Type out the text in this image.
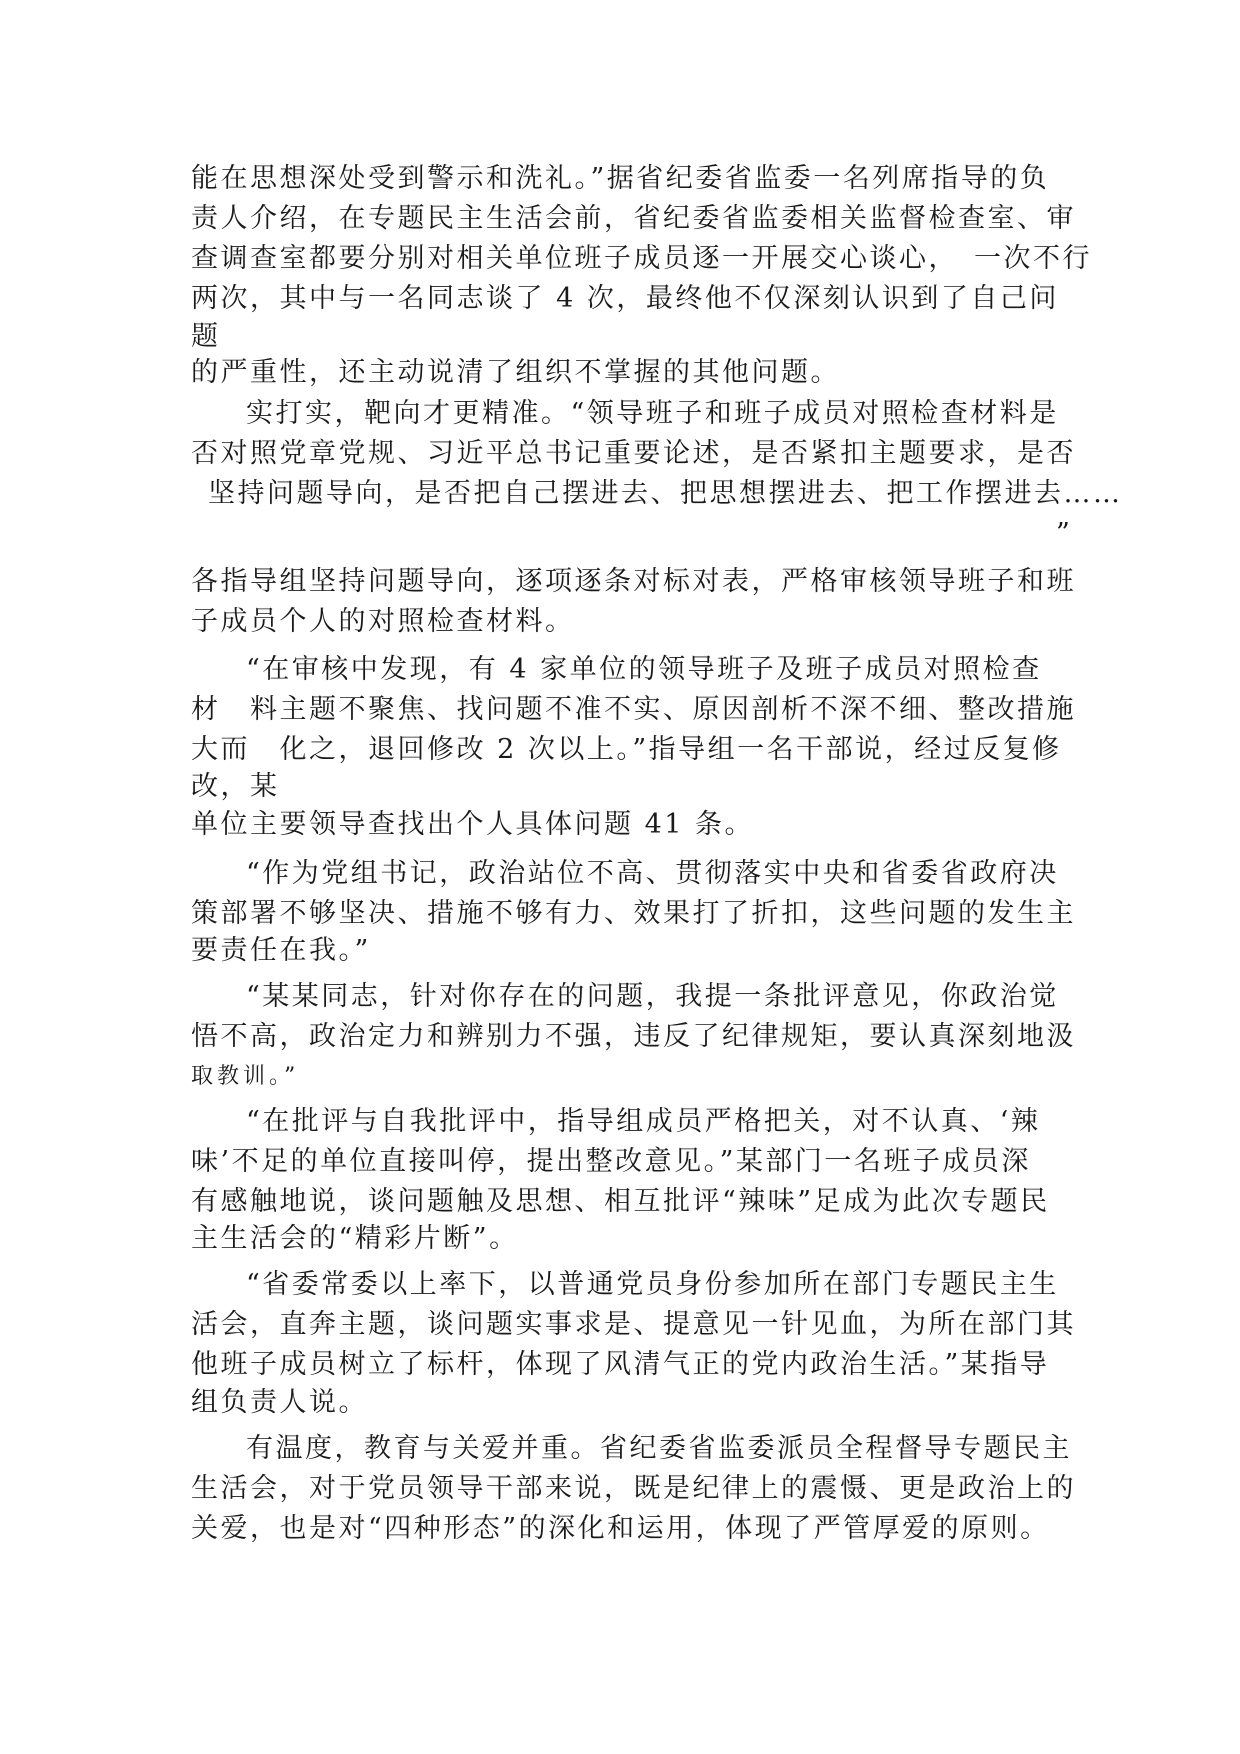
能在思想深处受到警示和洗礼。”据省纪委省监委一名列席指导的负
责人介绍，在专题民主生活会前，省纪委省监委相关监督检查室、审
查调查室都要分别对相关单位班子成员逐一开展交心谈心，　一次不行
两次，其中与一名同志谈了 4 次，最终他不仅深刻认识到了自己问
题
的严重性，还主动说清了组织不掌握的其他问题。
实打实，靶向才更精准。“领导班子和班子成员对照检查材料是
否对照党章党规、习近平总书记重要论述，是否紧扣主题要求，是否
坚持问题导向，是否把自己摆进去、把思想摆进去、把工作摆进去……
”
各指导组坚持问题导向，逐项逐条对标对表，严格审核领导班子和班
子成员个人的对照检查材料。
“在审核中发现，有 4 家单位的领导班子及班子成员对照检查
材　料主题不聚焦、找问题不准不实、原因剖析不深不细、整改措施
大而　化之，退回修改 2 次以上。”指导组一名干部说，经过反复修
改，某
单位主要领导查找出个人具体问题 41 条。
“作为党组书记，政治站位不高、贯彻落实中央和省委省政府决
策部署不够坚决、措施不够有力、效果打了折扣，这些问题的发生主
要责任在我。”
“某某同志，针对你存在的问题，我提一条批评意见，你政治觉
悟不高，政治定力和辨别力不强，违反了纪律规矩，要认真深刻地汲
取教训。”
“在批评与自我批评中，指导组成员严格把关，对不认真、‘辣
味’不足的单位直接叫停，提出整改意见。”某部门一名班子成员深
有感触地说，谈问题触及思想、相互批评“辣味”足成为此次专题民
主生活会的“精彩片断”。
“省委常委以上率下，以普通党员身份参加所在部门专题民主生
活会，直奔主题，谈问题实事求是、提意见一针见血，为所在部门其
他班子成员树立了标杆，体现了风清气正的党内政治生活。”某指导
组负责人说。
有温度，教育与关爱并重。省纪委省监委派员全程督导专题民主
生活会，对于党员领导干部来说，既是纪律上的震慑、更是政治上的
关爱，也是对“四种形态”的深化和运用，体现了严管厚爱的原则。
